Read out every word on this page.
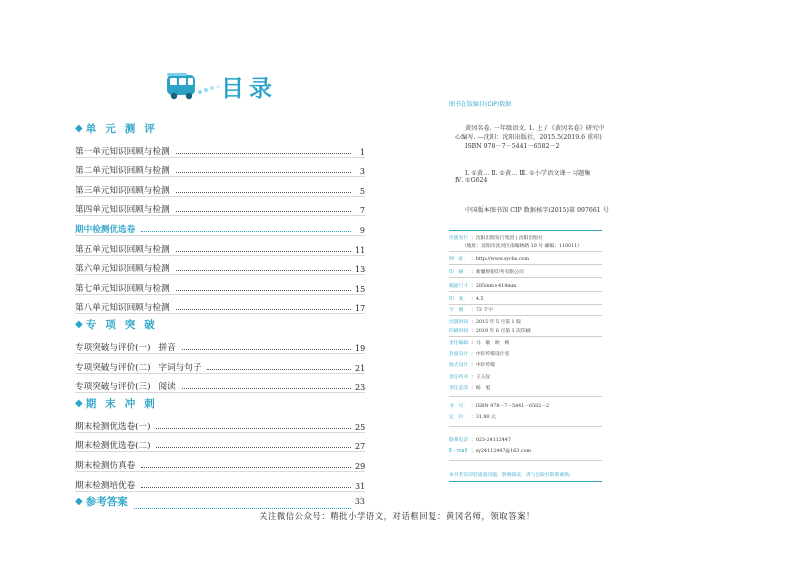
目录
◆ 单 元 测 评
第一单元知识回顾与检测	1
第二单元知识回顾与检测	3
第三单元知识回顾与检测	5
第四单元知识回顾与检测	7
期中检测优选卷	9
第五单元知识回顾与检测	11
第六单元知识回顾与检测	13
第七单元知识回顾与检测	15
第八单元知识回顾与检测	17
◆ 专 项 突 破
专项突破与评价(一) 拼音	19
专项突破与评价(二) 字词与句子	21
专项突破与评价(三) 阅读	23
◆ 期 末 冲 刺
期末检测优选卷(一)	25
期末检测优选卷(二)	27
期末检测仿真卷	29
期末检测培优卷	31
◆ 参考答案	33
图书在版编目(CIP)数据
黄冈名卷. 一年级语文. 1. 上 / 《黄冈名卷》研究中
心编写. —沈阳：沈阳出版社，2015.5(2019.6 重印)
ISBN 978－7－5441－6582－2
Ⅰ. ①黄… Ⅱ. ①黄… Ⅲ. ①小学语文课－习题集
Ⅳ. ①G624
中国版本图书馆 CIP 数据核字(2015)第 097661 号
出版发行 ：沈阳出版发行集团 | 沈阳出版社
（地址：沈阳市沈河区南翰林路 10 号 邮编：110011）
网　址 ：http://www.sycbs.com
印　刷 ：新疆鲁银印务有限公司
幅面尺寸 ：285mm×414mm
印　张 ：4.5
字　数 ：72 千字
出版时间 ：2015 年 5 月第 1 版
印刷时间 ：2019 年 6 月第 3 次印刷
责任编辑 ：马　敏　欧　梅
封面设计 ：中轩传媒设计室
版式设计 ：中轩传媒
责任校对 ：王玉仪
责任监印 ：杨　旭
书　号 ：ISBN 978－7－5441－6582－2
定　价 ：31.80 元
联系电话 ：023-24112447
E－mail ：sy24112447@163.com
本书若有印装质量问题，影响阅读，请与出版社联系调换。
关注微信公众号：精批小学语文，对话框回复：黄冈名师，领取答案！
